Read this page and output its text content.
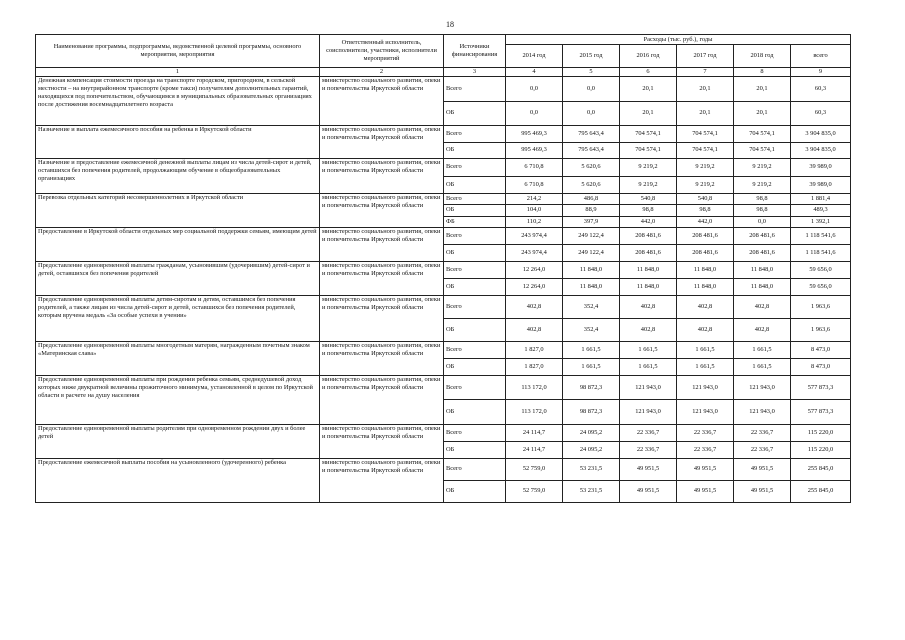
18
Наименование программы, подпрограммы, ведомственной целевой программы, основного мероприятия, мероприятия	Ответственный исполнитель, соисполнители, участники, исполнители мероприятий	Источники финансирования	Расходы (тыс. руб.), годы					
			2014 год	2015 год	2016 год	2017 год	2018 год	всего
1	2	3	4	5	6	7	8	9
Денежная компенсация стоимости проезда на транспорте городском, пригородном, в сельской местности – на внутрирайонном транспорте (кроме такси) получателям дополнительных гарантий, находящихся под попечительством, обучающимся в муниципальных образовательных организациях после достижения восемнадцатилетнего возраста	министерство социального развития, опеки и попечительства Иркутской области	Всего	0,0	0,0	20,1	20,1	20,1	60,3
		ОБ	0,0	0,0	20,1	20,1	20,1	60,3
Назначение и выплата ежемесячного пособия на ребенка в Иркутской области	министерство социального развития, опеки и попечительства Иркутской области	Всего	995 469,3	795 643,4	704 574,1	704 574,1	704 574,1	3 904 835,0
		ОБ	995 469,3	795 643,4	704 574,1	704 574,1	704 574,1	3 904 835,0
Назначение и предоставление ежемесячной денежной выплаты лицам из числа детей-сирот и детей, оставшихся без попечения родителей, продолжающим обучение в общеобразовательных организациях	министерство социального развития, опеки и попечительства Иркутской области	Всего	6 710,8	5 620,6	9 219,2	9 219,2	9 219,2	39 989,0
		ОБ	6 710,8	5 620,6	9 219,2	9 219,2	9 219,2	39 989,0
Перевозка отдельных категорий несовершеннолетних в Иркутской области	министерство социального развития, опеки и попечительства Иркутской области	Всего	214,2	486,8	540,8	540,8	98,8	1 881,4
		ОБ	104,0	88,9	98,8	98,8	98,8	489,3
		ФБ	110,2	397,9	442,0	442,0	0,0	1 392,1
Предоставление в Иркутской области отдельных мер социальной поддержки семьям, имеющим детей	министерство социального развития, опеки и попечительства Иркутской области	Всего	243 974,4	249 122,4	208 481,6	208 481,6	208 481,6	1 118 541,6
		ОБ	243 974,4	249 122,4	208 481,6	208 481,6	208 481,6	1 118 541,6
Предоставление единовременной выплаты гражданам, усыновившим (удочерившим) детей-сирот и детей, оставшихся без попечения родителей	министерство социального развития, опеки и попечительства Иркутской области	Всего	12 264,0	11 848,0	11 848,0	11 848,0	11 848,0	59 656,0
		ОБ	12 264,0	11 848,0	11 848,0	11 848,0	11 848,0	59 656,0
Предоставление единовременной выплаты детям-сиротам и детям, оставшимся без попечения родителей, а также лицам из числа детей-сирот и детей, оставшихся без попечения родителей, которым вручена медаль «За особые успехи в учении»	министерство социального развития, опеки и попечительства Иркутской области	Всего	402,8	352,4	402,8	402,8	402,8	1 963,6
		ОБ	402,8	352,4	402,8	402,8	402,8	1 963,6
Предоставление единовременной выплаты многодетным матерям, награжденным почетным знаком «Материнская слава»	министерство социального развития, опеки и попечительства Иркутской области	Всего	1 827,0	1 661,5	1 661,5	1 661,5	1 661,5	8 473,0
		ОБ	1 827,0	1 661,5	1 661,5	1 661,5	1 661,5	8 473,0
Предоставление единовременной выплаты при рождении ребенка семьям, среднедушевой доход которых ниже двукратной величины прожиточного минимума, установленной в целом по Иркутской области в расчете на душу населения	министерство социального развития, опеки и попечительства Иркутской области	Всего	113 172,0	98 872,3	121 943,0	121 943,0	121 943,0	577 873,3
		ОБ	113 172,0	98 872,3	121 943,0	121 943,0	121 943,0	577 873,3
Предоставление единовременной выплаты родителям при одновременном рождении двух и более детей	министерство социального развития, опеки и попечительства Иркутской области	Всего	24 114,7	24 095,2	22 336,7	22 336,7	22 336,7	115 220,0
		ОБ	24 114,7	24 095,2	22 336,7	22 336,7	22 336,7	115 220,0
Предоставление ежемесячной выплаты пособия на усыновленного (удочеренного) ребенка	министерство социального развития, опеки и попечительства Иркутской области	Всего	52 759,0	53 231,5	49 951,5	49 951,5	49 951,5	255 845,0
		ОБ	52 759,0	53 231,5	49 951,5	49 951,5	49 951,5	255 845,0
